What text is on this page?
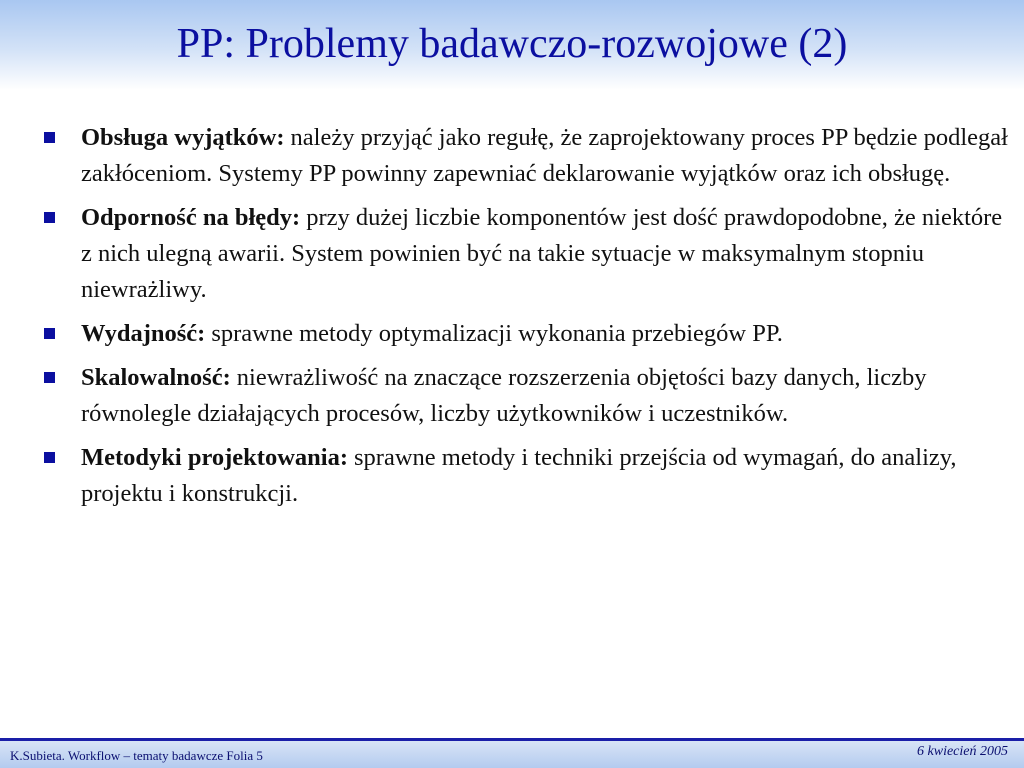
PP: Problemy badawczo-rozwojowe (2)
Obsługa wyjątków: należy przyjąć jako regułę, że zaprojektowany proces PP będzie podlegał zakłóceniom. Systemy PP powinny zapewniać deklarowanie wyjątków oraz ich obsługę.
Odporność na błędy: przy dużej liczbie komponentów jest dość prawdopodobne, że niektóre z nich ulegną awarii. System powinien być na takie sytuacje w maksymalnym stopniu niewrażliwy.
Wydajność: sprawne metody optymalizacji wykonania przebiegów PP.
Skalowalność: niewrażliwość na znaczące rozszerzenia objętości bazy danych, liczby równolegle działających procesów, liczby użytkowników i uczestników.
Metodyki projektowania: sprawne metody i techniki przejścia od wymagań, do analizy, projektu i konstrukcji.
K.Subieta. Workflow – tematy badawcze Folia 5	6 kwiecień 2005
